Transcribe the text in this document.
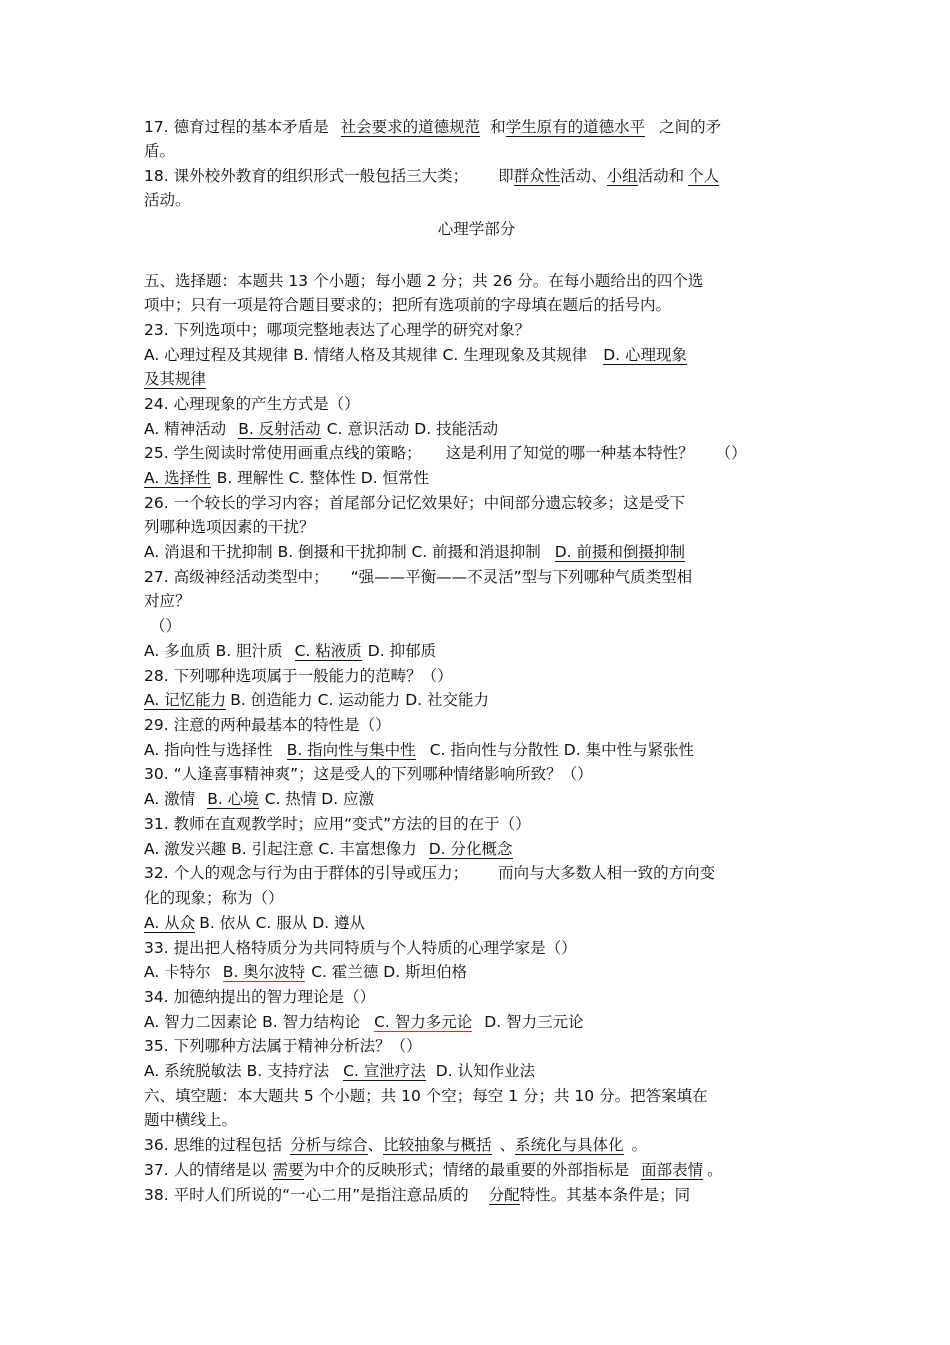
17. 德育过程的基本矛盾是 社会要求的道德规范 和学生原有的道德水平 之间的矛
盾。
18. 课外校外教育的组织形式一般包括三大类； 即群众性活动、小组活动和 个人
活动。
心理学部分
五、选择题：本题共 13 个小题；每小题 2 分；共 26 分。在每小题给出的四个选
项中；只有一项是符合题目要求的；把所有选项前的字母填在题后的括号内。
23. 下列选项中；哪项完整地表达了心理学的研究对象？
A. 心理过程及其规律 B. 情绪人格及其规律 C. 生理现象及其规律 D. 心理现象
及其规律
24. 心理现象的产生方式是（）
A. 精神活动 B. 反射活动 C. 意识活动 D. 技能活动
25. 学生阅读时常使用画重点线的策略； 这是利用了知觉的哪一种基本特性？ （）
A. 选择性 B. 理解性 C. 整体性 D. 恒常性
26. 一个较长的学习内容；首尾部分记忆效果好；中间部分遗忘较多；这是受下
列哪种选项因素的干扰？
A. 消退和干扰抑制 B. 倒摄和干扰抑制 C. 前摄和消退抑制 D. 前摄和倒摄抑制
27. 高级神经活动类型中； “强——平衡——不灵活”型与下列哪种气质类型相
对应？
（）
A. 多血质 B. 胆汁质 C. 粘液质 D. 抑郁质
28. 下列哪种选项属于一般能力的范畴？（）
A. 记忆能力 B. 创造能力 C. 运动能力 D. 社交能力
29. 注意的两种最基本的特性是（）
A. 指向性与选择性 B. 指向性与集中性 C. 指向性与分散性 D. 集中性与紧张性
30. “人逢喜事精神爽”；这是受人的下列哪种情绪影响所致？（）
A. 激情 B. 心境 C. 热情 D. 应激
31. 教师在直观教学时；应用“变式”方法的目的在于（）
A. 激发兴趣 B. 引起注意 C. 丰富想像力 D. 分化概念
32. 个人的观念与行为由于群体的引导或压力； 而向与大多数人相一致的方向变
化的现象；称为（）
A. 从众 B. 依从 C. 服从 D. 遵从
33. 提出把人格特质分为共同特质与个人特质的心理学家是（）
A. 卡特尔 B. 奥尔波特 C. 霍兰德 D. 斯坦伯格
34. 加德纳提出的智力理论是（）
A. 智力二因素论 B. 智力结构论 C. 智力多元论 D. 智力三元论
35. 下列哪种方法属于精神分析法？（）
A. 系统脱敏法 B. 支持疗法 C. 宣泄疗法 D. 认知作业法
六、填空题：本大题共 5 个小题；共 10 个空；每空 1 分；共 10 分。把答案填在
题中横线上。
36. 思维的过程包括 分析与综合、比较抽象与概括 、系统化与具体化 。
37. 人的情绪是以 需要为中介的反映形式；情绪的最重要的外部指标是 面部表情 。
38. 平时人们所说的“一心二用”是指注意品质的 分配特性。其基本条件是；同
